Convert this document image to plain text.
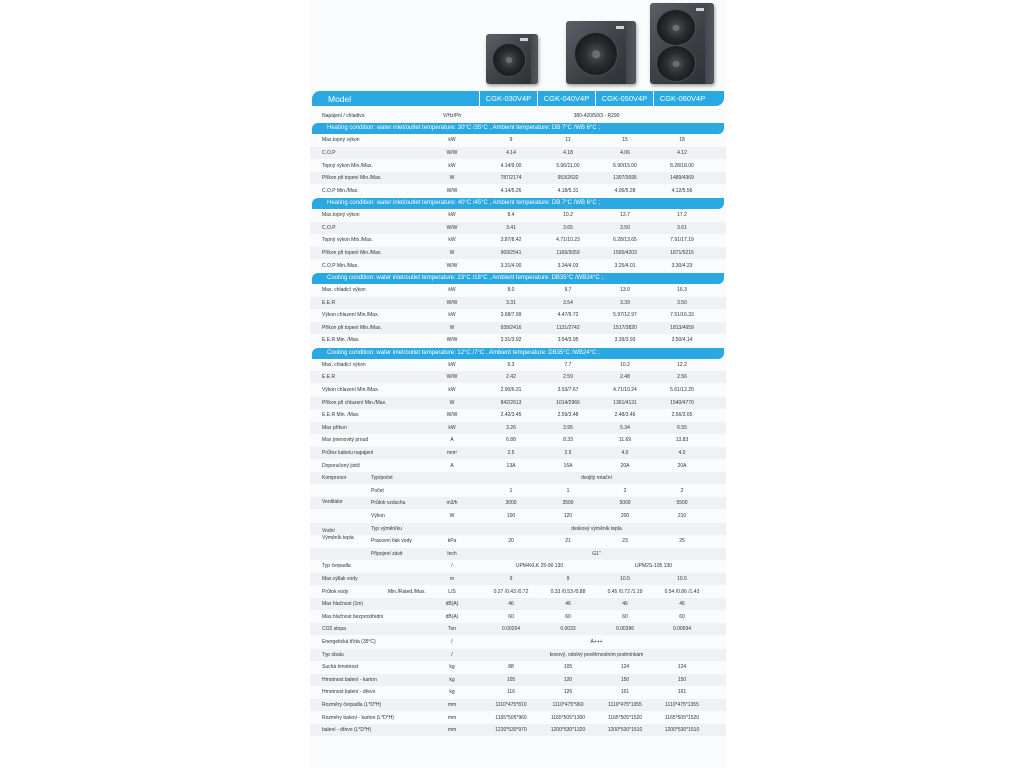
Model	CGK-030V4P	CGK-040V4P	CGK-050V4P	CGK-060V4P
Napájení / chladivo	V/Hz/Ph	380-420/50/3 - R290
Heating condition: water inlet/outlet temperature: 30°C /35°C , Ambient temperature: DB 7°C /WB 6°C ;
Max.topný výkon	kW	9	11	15	18
C.O.P	W/W	4.14	4.18	4.06	4.12
Topný výkon Min./Max.	kW	4.14/9.00	5.06/11.00	6.90/15.00	8.28/18.00
Příkon při topení Min./Max.	W	787/2174	953/2632	1307/3695	1489/4369
C.O.P Min./Max.	W/W	4.14/5.26	4.18/5.31	4.06/5.28	4.12/5.56
Heating condition: water inlet/outlet temperature: 40°C /45°C , Ambient temperature: DB 7°C /WB 6°C ;
Max.topný výkon	kW	8.4	10.2	13.7	17.2
C.O.P	W/W	3.41	3.65	3.50	3.61
Topný výkon Min./Max.	kW	3.87/8.42	4.71/10.23	6.28/13.65	7.91/17.19
Příkon při topení Min./Max.	W	969/2541	1166/3059	1565/4203	1871/5215
C.O.P Min./Max.	W/W	3.31/4.00	3.34/4.03	3.25/4.01	3.30/4.23
Cooling condition: water inlet/outlet temperature: 23°C /18°C , Ambient temperature: DB35°C /WB24°C ;
Max. chladicí výkon	kW	8.0	9.7	13.0	16.3
E.E.R	W/W	3.31	3.54	3.39	3.50
Výkon chlazení Min./Max.	kW	3.68/7.99	4.47/9.72	5.97/12.97	7.51/16.33
Příkon při topení Min./Max.	W	939/2416	1131/2742	1517/3820	1813/4659
E.E.R Min. /Max.	W/W	3.31/3.92	3.54/3.95	3.39/3.93	3.50/4.14
Cooling condition: water inlet/outlet temperature: 12°C /7°C , Ambient temperature: DB35°C /WB24°C ;
Max. chladicí výkon	kW	6.3	7.7	10.2	12.2
E.E.R	W/W	2.42	2.59	2.48	2.56
Výkon chlazení Min./Max.	kW	2.90/6.31	3.53/7.67	4.71/10.24	5.61/12.20
Příkon při chlazení Min./Max.	W	842/2613	1014/2966	1361/4131	1540/4770
E.E.R Min. /Max.	W/W	2.42/3.45	2.59/3.48	2.48/3.46	2.56/3.65
Max příkon	kW	3.26	3.95	5.34	6.55
Max jmenovitý proud	A	6.88	8.33	11.69	13.83
Průřez kabelu napájení	mm²	2.5	2.5	4.0	4.0
Doporučený jistič	A	13A	16A	20A	20A
Kompresor	Typ/počet	dvojitý rotační
Počet	1	1	2	2
Průtok vzduchu	m3/h	3000	3500	5000	5500
Výkon	W	100	120	200	210
Ventilátor
Typ výměníku	deskový výměník tepla
Pracovní tlak vody	kPa	20	21	23	25
Připojení závit	Inch	G1"
Vodní
Výměník tepla
Typ čerpadla	/	UPM4XLK 25-90 130	UPM2S-105 130
Max.výtlak vody	m	9	9	10.5	10.5
Průtok vody	Min./Rated./Max.	L/S	0.27 /0.43 /0.72	0.33 /0.53 /0.88	0.45 /0.72 /1.19	0.54 /0.86 /1.43
Max hlučnost (1m)	dB(A)	46	46	46	46
Max.hlučnost bezprostřední	dB(A)	60	60	60	60
CO2 stopa	Ton	0.00264	0.0033	0.00396	0.00594
Energetická třída (35°C)	/	A+++
Typ obalu	/	kovový, odolný povětrnostním podmínkám
Suchá hmotnost	kg	88	105	124	124
Hmotnost balení - karton	kg	105	120	150	150
Hmotnost balení - dřevo	kg	116	126	161	161
Rozměry čerpadla (L*D*H)	mm	1110*475*810	1110*475*960	1110*475*1355	1110*475*1355
Rozměry balení - karton (L*D*H)	mm	1165*505*960	1165*505*1300	1165*505*1520	1165*505*1520
balení - dřevo (L*D*H)	mm	1220*530*970	1200*530*1320	1200*530*1510	1200*530*1510
